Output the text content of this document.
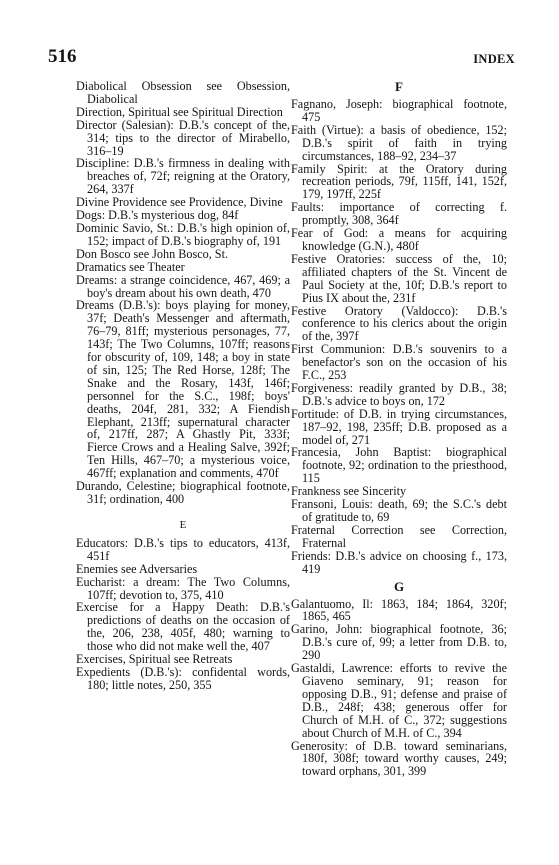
516	INDEX

Diabolical Obsession see Obsession, Diabolical

Direction, Spiritual see Spiritual Direction

Director (Salesian): D.B.'s concept of the, 314; tips to the director of Mirabello, 316–19

Discipline: D.B.'s firmness in dealing with breaches of, 72f; reigning at the Oratory, 264, 337f

Divine Providence see Providence, Divine

Dogs: D.B.'s mysterious dog, 84f

Dominic Savio, St.: D.B.'s high opinion of, 152; impact of D.B.'s biography of, 191

Don Bosco see John Bosco, St.

Dramatics see Theater

Dreams: a strange coincidence, 467, 469; a boy's dream about his own death, 470

Dreams (D.B.'s): boys playing for money, 37f; Death's Messenger and aftermath, 76–79, 81ff; mysterious personages, 77, 143f; The Two Columns, 107ff; reasons for obscurity of, 109, 148; a boy in state of sin, 125; The Red Horse, 128f; The Snake and the Rosary, 143f, 146f; personnel for the S.C., 198f; boys' deaths, 204f, 281, 332; A Fiendish Elephant, 213ff; supernatural character of, 217ff, 287; A Ghastly Pit, 333f; Fierce Crows and a Healing Salve, 392f; Ten Hills, 467–70; a mysterious voice, 467ff; explanation and comments, 470f

Durando, Celestine; biographical footnote, 31f; ordination, 400

E

Educators: D.B.'s tips to educators, 413f, 451f

Enemies see Adversaries

Eucharist: a dream: The Two Columns, 107ff; devotion to, 375, 410

Exercise for a Happy Death: D.B.'s predictions of deaths on the occasion of the, 206, 238, 405f, 480; warning to those who did not make well the, 407

Exercises, Spiritual see Retreats

Expedients (D.B.'s): confidental words, 180; little notes, 250, 355

F

Fagnano, Joseph: biographical footnote, 475

Faith (Virtue): a basis of obedience, 152; D.B.'s spirit of faith in trying circumstances, 188–92, 234–37

Family Spirit: at the Oratory during recreation periods, 79f, 115ff, 141, 152f, 179, 197ff, 225f

Faults: importance of correcting f. promptly, 308, 364f

Fear of God: a means for acquiring knowledge (G.N.), 480f

Festive Oratories: success of the, 10; affiliated chapters of the St. Vincent de Paul Society at the, 10f; D.B.'s report to Pius IX about the, 231f

Festive Oratory (Valdocco): D.B.'s conference to his clerics about the origin of the, 397f

First Communion: D.B.'s souvenirs to a benefactor's son on the occasion of his F.C., 253

Forgiveness: readily granted by D.B., 38; D.B.'s advice to boys on, 172

Fortitude: of D.B. in trying circumstances, 187–92, 198, 235ff; D.B. proposed as a model of, 271

Francesia, John Baptist: biographical footnote, 92; ordination to the priesthood, 115

Frankness see Sincerity

Fransoni, Louis: death, 69; the S.C.'s debt of gratitude to, 69

Fraternal Correction see Correction, Fraternal

Friends: D.B.'s advice on choosing f., 173, 419

G

Galantuomo, Il: 1863, 184; 1864, 320f; 1865, 465

Garino, John: biographical footnote, 36; D.B.'s cure of, 99; a letter from D.B. to, 290

Gastaldi, Lawrence: efforts to revive the Giaveno seminary, 91; reason for opposing D.B., 91; defense and praise of D.B., 248f; 438; generous offer for Church of M.H. of C., 372; suggestions about Church of M.H. of C., 394

Generosity: of D.B. toward seminarians, 180f, 308f; toward worthy causes, 249; toward orphans, 301, 399
